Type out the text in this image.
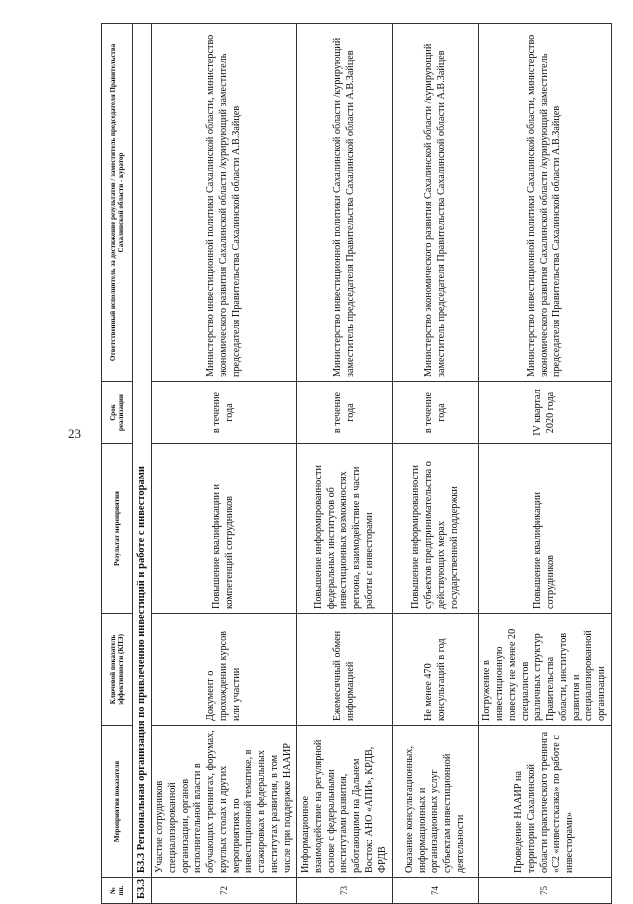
23
№ пп.	Мероприятия показателя	Ключевой показатель эффективности (КПЭ)	Результат мероприятия	Срок реализации	Ответственный исполнитель за достижение результатов / заместитель председателя Правительства Сахалинской области - куратор
Б3.3	Б3.3 Региональная организация по привлечению инвестиций и работе с инвесторами				
72	Участие сотрудников специализированной организации, органов исполнительной власти в обучающих тренингах, форумах, круглых столах и других мероприятиях по инвестиционной тематике, в стажировках в федеральных институтах развития, в том числе при поддержке НААИР	Документ о прохождении курсов или участии	Повышение квалификации и компетенций сотрудников	в течение года	Министерство инвестиционной политики Сахалинской области, министерство экономического развития Сахалинской области /курирующий заместитель председателя Правительства Сахалинской области А.В.Зайцев
73	Информационное взаимодействие на регулярной основе с федеральными институтами развития, работающими на Дальнем Восток: АНО «АПИ», КРДВ, ФРДВ	Ежемесячный обмен информацией	Повышение информированности федеральных институтов об инвестиционных возможностях региона, взаимодействие в части работы с инвесторами	в течение года	Министерство инвестиционной политики Сахалинской области /курирующий заместитель председателя Правительства Сахалинской области А.В.Зайцев
74	Оказание консультационных, информационных и организационных услуг субъектам инвестиционной деятельности	Не менее 470 консультаций в год	Повышение информированности субъектов предпринимательства о действующих мерах государственной поддержки	в течение года	Министерство экономического развития Сахалинской области /курирующий заместитель председателя Правительства Сахалинской области А.В.Зайцев
75	Проведение НААИР на территории Сахалинской области практического тренинга «С2 «инвестсказка» по работе с инвесторами»	Погружение в инвестиционную повестку не менее 20 специалистов различных структур Правительства области, институтов развития и специализированной организации	Повышение квалификации сотрудников	IV квартал 2020 года	Министерство инвестиционной политики Сахалинской области, министерство экономического развития Сахалинской области /курирующий заместитель председателя Правительства Сахалинской области А.В.Зайцев
